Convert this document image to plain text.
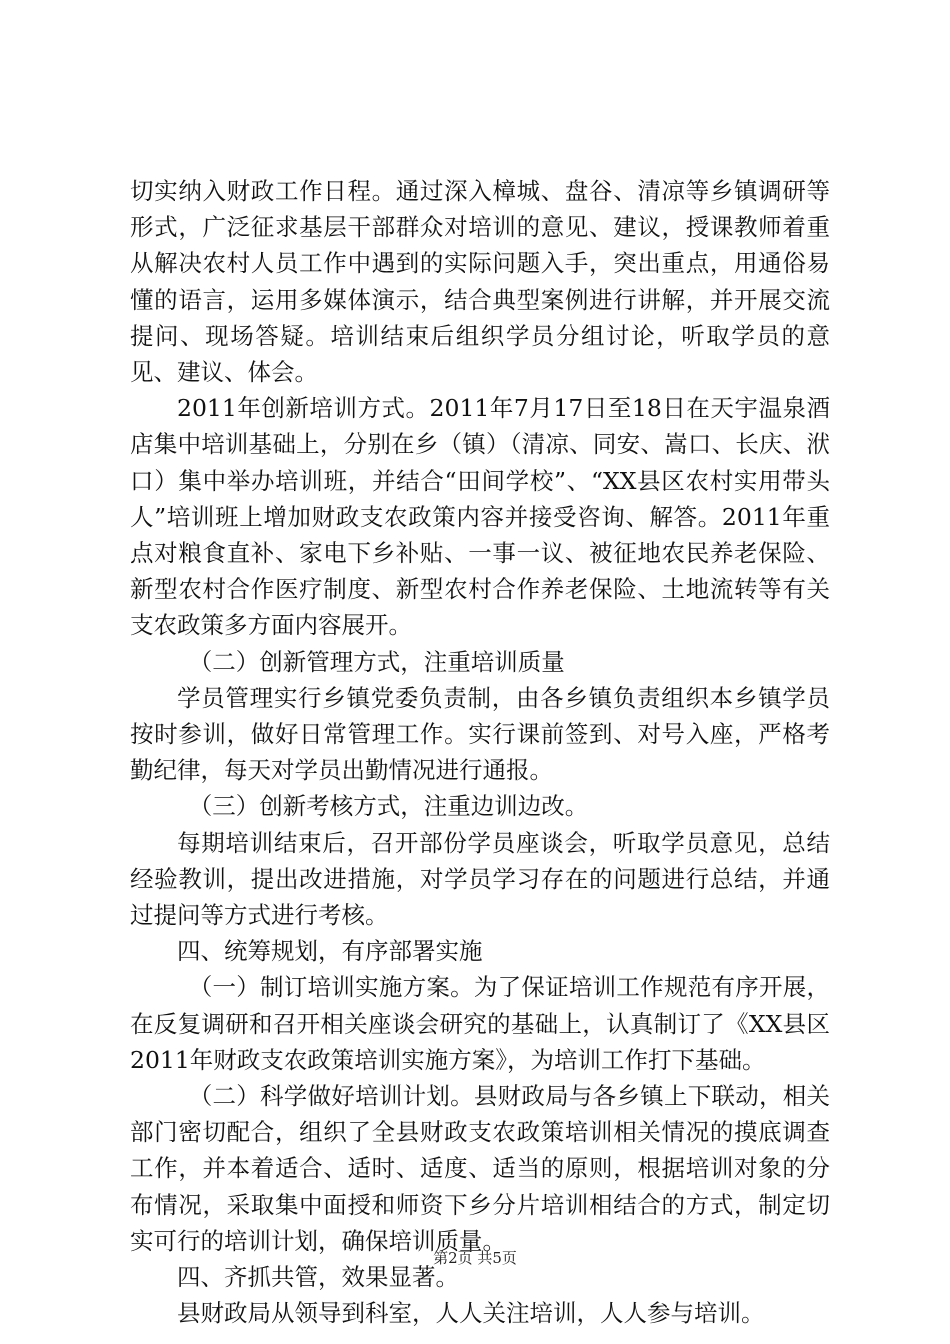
切实纳入财政工作日程。通过深入樟城、盘谷、清凉等乡镇调研等形式，广泛征求基层干部群众对培训的意见、建议，授课教师着重从解决农村人员工作中遇到的实际问题入手，突出重点，用通俗易懂的语言，运用多媒体演示，结合典型案例进行讲解，并开展交流提问、现场答疑。培训结束后组织学员分组讨论，听取学员的意见、建议、体会。

2011年创新培训方式。2011年7月17日至18日在天宇温泉酒店集中培训基础上，分别在乡（镇）（清凉、同安、嵩口、长庆、洑口）集中举办培训班，并结合“田间学校”、“XX县区农村实用带头人”培训班上增加财政支农政策内容并接受咨询、解答。2011年重点对粮食直补、家电下乡补贴、一事一议、被征地农民养老保险、新型农村合作医疗制度、新型农村合作养老保险、土地流转等有关支农政策多方面内容展开。

（二）创新管理方式，注重培训质量

学员管理实行乡镇党委负责制，由各乡镇负责组织本乡镇学员按时参训，做好日常管理工作。实行课前签到、对号入座，严格考勤纪律，每天对学员出勤情况进行通报。

（三）创新考核方式，注重边训边改。

每期培训结束后，召开部份学员座谈会，听取学员意见，总结经验教训，提出改进措施，对学员学习存在的问题进行总结，并通过提问等方式进行考核。

四、统筹规划，有序部署实施

（一）制订培训实施方案。为了保证培训工作规范有序开展，在反复调研和召开相关座谈会研究的基础上，认真制订了《XX县区2011年财政支农政策培训实施方案》，为培训工作打下基础。

（二）科学做好培训计划。县财政局与各乡镇上下联动，相关部门密切配合，组织了全县财政支农政策培训相关情况的摸底调查工作，并本着适合、适时、适度、适当的原则，根据培训对象的分布情况，采取集中面授和师资下乡分片培训相结合的方式，制定切实可行的培训计划，确保培训质量。

四、齐抓共管，效果显著。

县财政局从领导到科室，人人关注培训，人人参与培训。

第2页 共5页
